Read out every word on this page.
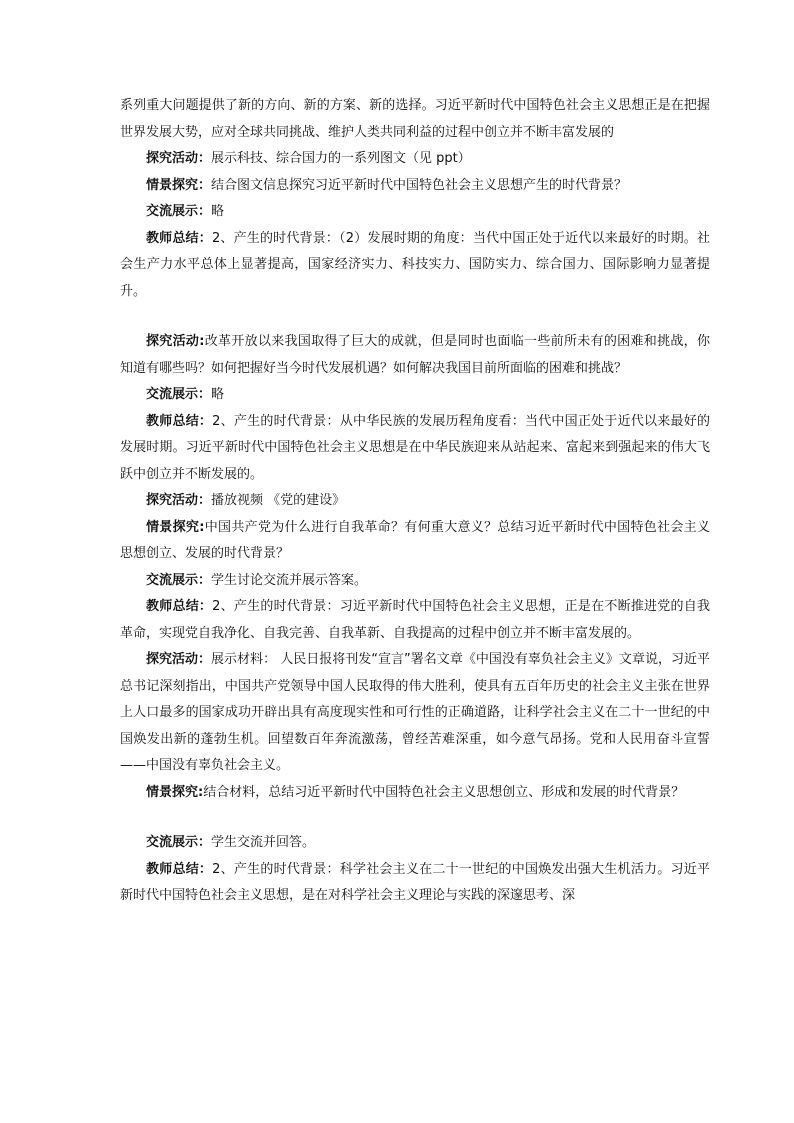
系列重大问题提供了新的方向、新的方案、新的选择。习近平新时代中国特色社会主义思想正是在把握世界发展大势，应对全球共同挑战、维护人类共同利益的过程中创立并不断丰富发展的

探究活动：展示科技、综合国力的一系列图文（见 ppt）

情景探究：结合图文信息探究习近平新时代中国特色社会主义思想产生的时代背景？

交流展示：略

教师总结：2、产生的时代背景：（2）发展时期的角度：当代中国正处于近代以来最好的时期。社会生产力水平总体上显著提高，国家经济实力、科技实力、国防实力、综合国力、国际影响力显著提升。

探究活动:改革开放以来我国取得了巨大的成就，但是同时也面临一些前所未有的困难和挑战，你知道有哪些吗？如何把握好当今时代发展机遇？如何解决我国目前所面临的困难和挑战？

交流展示：略

教师总结：2、产生的时代背景：从中华民族的发展历程角度看：当代中国正处于近代以来最好的发展时期。习近平新时代中国特色社会主义思想是在中华民族迎来从站起来、富起来到强起来的伟大飞跃中创立并不断发展的。

探究活动：播放视频 《党的建设》

情景探究:中国共产党为什么进行自我革命？有何重大意义？总结习近平新时代中国特色社会主义思想创立、发展的时代背景？

交流展示：学生讨论交流并展示答案。

教师总结：2、产生的时代背景：习近平新时代中国特色社会主义思想，正是在不断推进党的自我革命，实现党自我净化、自我完善、自我革新、自我提高的过程中创立并不断丰富发展的。

探究活动：展示材料： 人民日报将刊发“宣言”署名文章《中国没有辜负社会主义》文章说，习近平总书记深刻指出，中国共产党领导中国人民取得的伟大胜利，使具有五百年历史的社会主义主张在世界上人口最多的国家成功开辟出具有高度现实性和可行性的正确道路，让科学社会主义在二十一世纪的中国焕发出新的蓬勃生机。回望数百年奔流激荡，曾经苦难深重，如今意气昂扬。党和人民用奋斗宣誓——中国没有辜负社会主义。

情景探究:结合材料，总结习近平新时代中国特色社会主义思想创立、形成和发展的时代背景？

交流展示：学生交流并回答。

教师总结：2、产生的时代背景：科学社会主义在二十一世纪的中国焕发出强大生机活力。习近平新时代中国特色社会主义思想，是在对科学社会主义理论与实践的深邃思考、深
